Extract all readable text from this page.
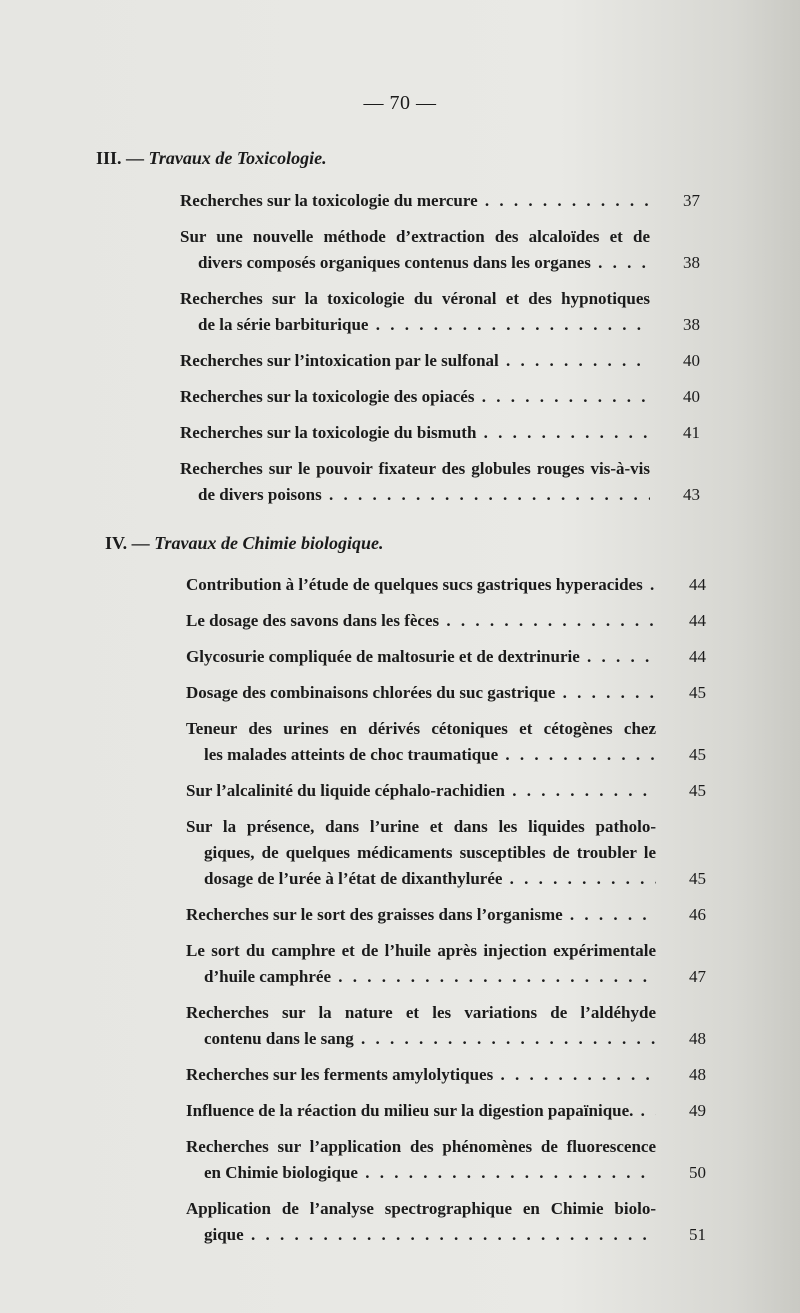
— 70 —
III. — Travaux de Toxicologie.
Recherches sur la toxicologie du mercure . . .	37
Sur une nouvelle méthode d’extraction des alcaloïdes et de
divers composés organiques contenus dans les organes . . .	38
Recherches sur la toxicologie du véronal et des hypnotiques
de la série barbiturique . . .	38
Recherches sur l’intoxication par le sulfonal . . .	40
Recherches sur la toxicologie des opiacés . . .	40
Recherches sur la toxicologie du bismuth . . .	41
Recherches sur le pouvoir fixateur des globules rouges vis-à-vis
de divers poisons . . .	43
IV. — Travaux de Chimie biologique.
Contribution à l’étude de quelques sucs gastriques hyperacides . . .	44
Le dosage des savons dans les fèces . . .	44
Glycosurie compliquée de maltosurie et de dextrinurie . . .	44
Dosage des combinaisons chlorées du suc gastrique . . .	45
Teneur des urines en dérivés cétoniques et cétogènes chez
les malades atteints de choc traumatique . . .	45
Sur l’alcalinité du liquide céphalo-rachidien . . .	45
Sur la présence, dans l’urine et dans les liquides patholo-
giques, de quelques médicaments susceptibles de troubler le
dosage de l’urée à l’état de dixanthylurée . . .	45
Recherches sur le sort des graisses dans l’organisme . . .	46
Le sort du camphre et de l’huile après injection expérimentale
d’huile camphrée . . .	47
Recherches sur la nature et les variations de l’aldéhyde
contenu dans le sang . . .	48
Recherches sur les ferments amylolytiques . . .	48
Influence de la réaction du milieu sur la digestion papaïnique. . . .	49
Recherches sur l’application des phénomènes de fluorescence
en Chimie biologique . . .	50
Application de l’analyse spectrographique en Chimie biolo-
gique . . .	51
